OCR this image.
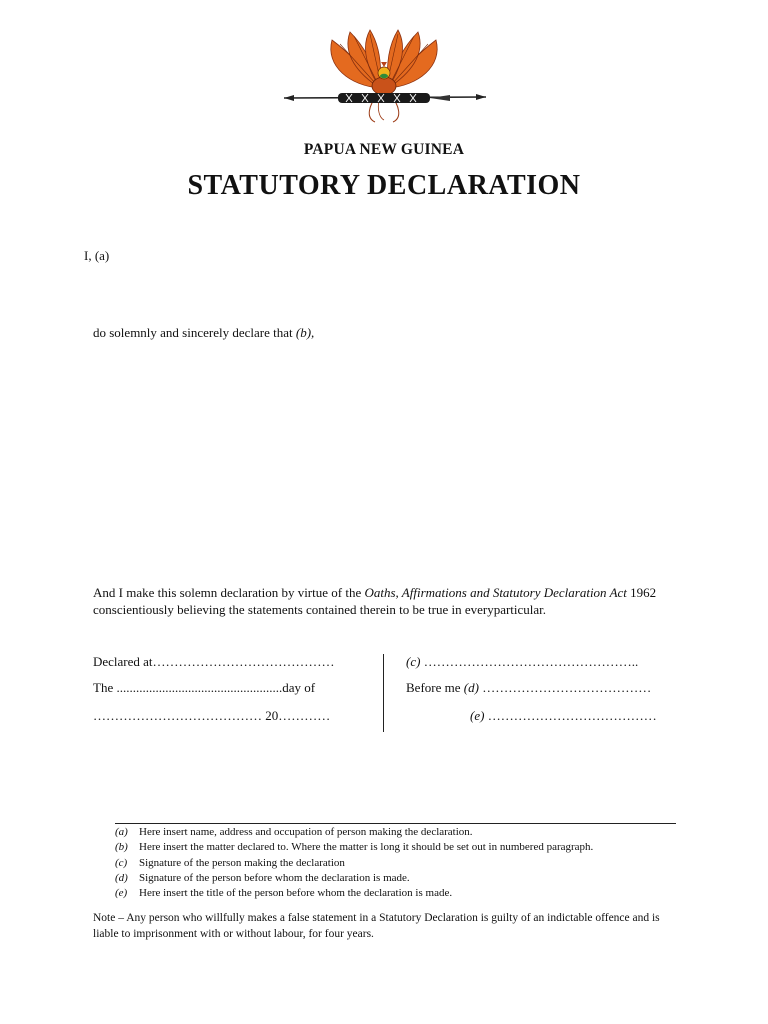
PAPUA NEW GUINEA
STATUTORY DECLARATION
I, (a)
do solemnly and sincerely declare that (b),
And I make this solemn declaration by virtue of the Oaths, Affirmations and Statutory Declaration Act 1962 conscientiously believing the statements contained therein to be true in everyparticular.
Declared at……………………………………
The ...................................................day of
………………………………… 20…………
(c) …………………………………………..
Before me (d) …………………………………
(e) …………………………………
(a) Here insert name, address and occupation of person making the declaration.
(b) Here insert the matter declared to. Where the matter is long it should be set out in numbered paragraph.
(c) Signature of the person making the declaration
(d) Signature of the person before whom the declaration is made.
(e) Here insert the title of the person before whom the declaration is made.
Note – Any person who willfully makes a false statement in a Statutory Declaration is guilty of an indictable offence and is liable to imprisonment with or without labour, for four years.
